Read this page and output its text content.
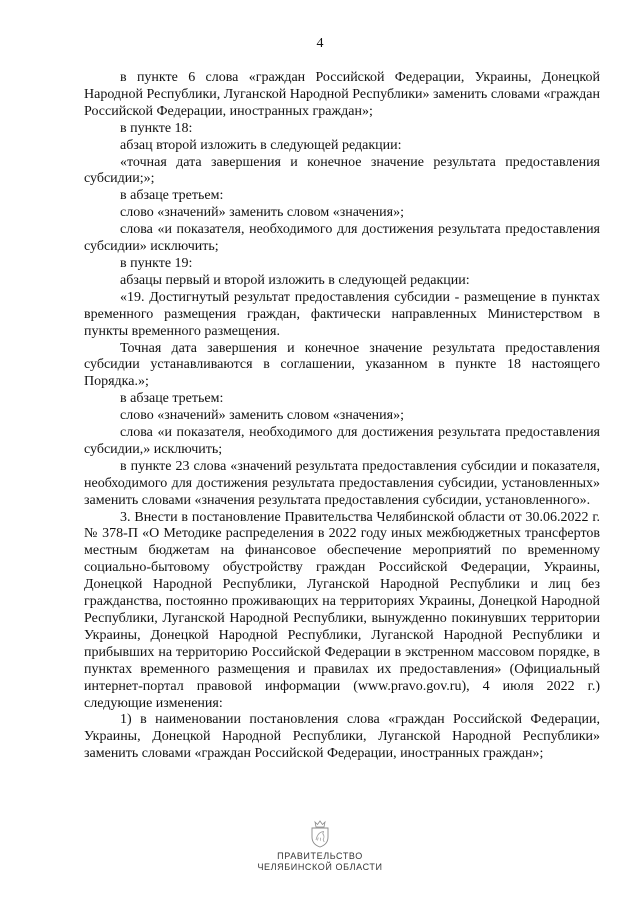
4

в пункте 6 слова «граждан Российской Федерации, Украины, Донецкой Народной Республики, Луганской Народной Республики» заменить словами «граждан Российской Федерации, иностранных граждан»;

в пункте 18:

абзац второй изложить в следующей редакции:

«точная дата завершения и конечное значение результата предоставления субсидии;»;

в абзаце третьем:

слово «значений» заменить словом «значения»;

слова «и показателя, необходимого для достижения результата предоставления субсидии» исключить;

в пункте 19:

абзацы первый и второй изложить в следующей редакции:

«19. Достигнутый результат предоставления субсидии - размещение в пунктах временного размещения граждан, фактически направленных Министерством в пункты временного размещения.

Точная дата завершения и конечное значение результата предоставления субсидии устанавливаются в соглашении, указанном в пункте 18 настоящего Порядка.»;

в абзаце третьем:

слово «значений» заменить словом «значения»;

слова «и показателя, необходимого для достижения результата предоставления субсидии,» исключить;

в пункте 23 слова «значений результата предоставления субсидии и показателя, необходимого для достижения результата предоставления субсидии, установленных» заменить словами «значения результата предоставления субсидии, установленного».

3. Внести в постановление Правительства Челябинской области от 30.06.2022 г. № 378-П «О Методике распределения в 2022 году иных межбюджетных трансфертов местным бюджетам на финансовое обеспечение мероприятий по временному социально-бытовому обустройству граждан Российской Федерации, Украины, Донецкой Народной Республики, Луганской Народной Республики и лиц без гражданства, постоянно проживающих на территориях Украины, Донецкой Народной Республики, Луганской Народной Республики, вынужденно покинувших территории Украины, Донецкой Народной Республики, Луганской Народной Республики и прибывших на территорию Российской Федерации в экстренном массовом порядке, в пунктах временного размещения и правилах их предоставления» (Официальный интернет-портал правовой информации (www.pravo.gov.ru), 4 июля 2022 г.) следующие изменения:

1) в наименовании постановления слова «граждан Российской Федерации, Украины, Донецкой Народной Республики, Луганской Народной Республики» заменить словами «граждан Российской Федерации, иностранных граждан»;

ПРАВИТЕЛЬСТВО
ЧЕЛЯБИНСКОЙ ОБЛАСТИ
